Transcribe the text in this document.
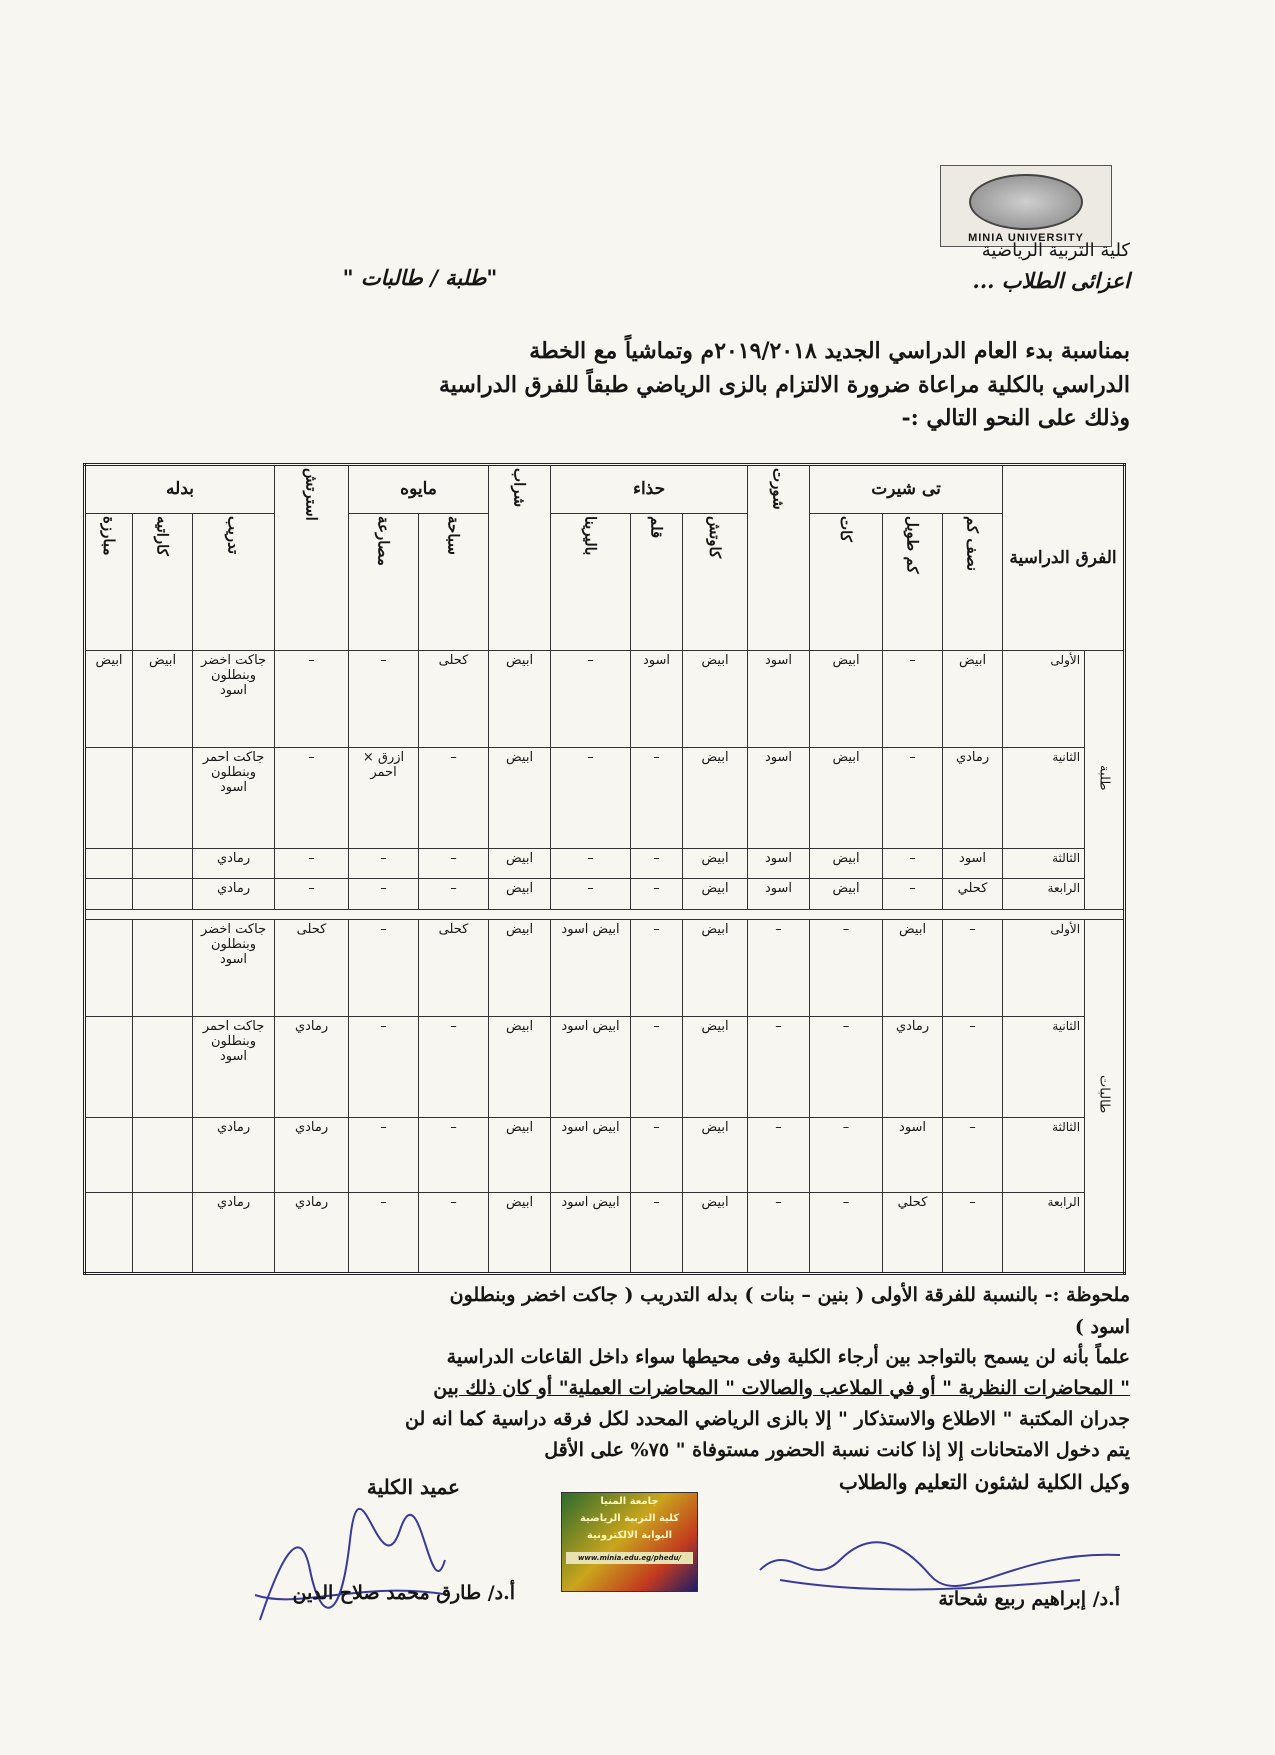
MINIA UNIVERSITY
كلية التربية الرياضية
اعزائى الطلاب ...
"طلبة / طالبات "
بمناسبة بدء العام الدراسي الجديد ٢٠١٩/٢٠١٨م وتماشياً مع الخطة
الدراسي بالكلية مراعاة ضرورة الالتزام بالزى الرياضي طبقاً للفرق الدراسية
وذلك على النحو التالي :-
الفرق الدراسية		تى شيرت			شورت	حذاء			شراب	مايوه		استرتش	بدله		
		نصف كم	كم طويل	كات		كاوتش	قلم	باليرينا		سباحة	مصارعة		تدريب	كاراتيه	مبارزة
طلبة	الأولى	ابيض	–	ابيض	اسود	ابيض	اسود	–	ابيض	كحلى	–	–	جاكت اخضر وبنطلون اسود	ابيض	ابيض
	الثانية	رمادي	–	ابيض	اسود	ابيض	–	–	ابيض	–	ازرق × احمر	–	جاكت احمر وبنطلون اسود		
	الثالثة	اسود	–	ابيض	اسود	ابيض	–	–	ابيض	–	–	–	رمادي		
	الرابعة	كحلي	–	ابيض	اسود	ابيض	–	–	ابيض	–	–	–	رمادي		

طالبات	الأولى	–	ابيض	–	–	ابيض	–	ابيض اسود	ابيض	كحلى	–	كحلى	جاكت اخضر وبنطلون اسود		
	الثانية	–	رمادي	–	–	ابيض	–	ابيض اسود	ابيض	–	–	رمادي	جاكت احمر وبنطلون اسود		
	الثالثة	–	اسود	–	–	ابيض	–	ابيض اسود	ابيض	–	–	رمادي	رمادي		
	الرابعة	–	كحلي	–	–	ابيض	–	ابيض اسود	ابيض	–	–	رمادي	رمادي		
ملحوظة :- بالنسبة للفرقة الأولى ( بنين – بنات ) بدله التدريب ( جاكت اخضر وبنطلون
اسود )
علماً بأنه لن يسمح بالتواجد بين أرجاء الكلية وفى محيطها سواء داخل القاعات الدراسية
" المحاضرات النظرية " أو في الملاعب والصالات " المحاضرات العملية" أو كان ذلك بين
جدران المكتبة " الاطلاع والاستذكار " إلا بالزى الرياضي المحدد لكل فرقه دراسية كما انه لن
يتم دخول الامتحانات إلا إذا كانت نسبة الحضور مستوفاة " ٧٥% على الأقل
عميد الكلية
أ.د/ طارق محمد صلاح الدين
جامعة المنيا
كلية التربية الرياضية
البوابة الالكترونية
www.minia.edu.eg/phedu/
وكيل الكلية لشئون التعليم والطلاب
أ.د/ إبراهيم ربيع شحاتة
